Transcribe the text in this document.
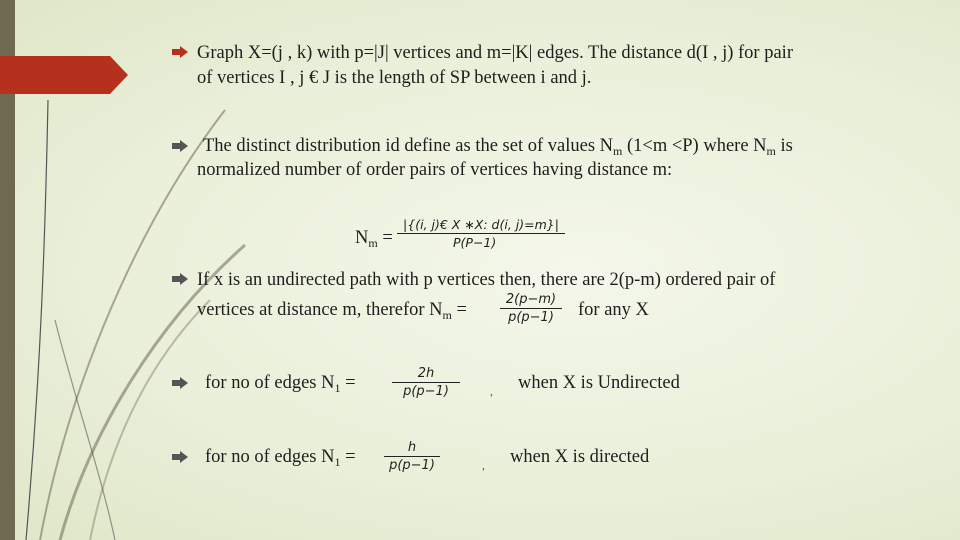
Graph X=(j , k) with p=|J| vertices and m=|K| edges. The distance d(I , j) for pair
of vertices I , j € J is the length of SP between i and j.
The distinct distribution id define as the set of values $N_m$ (1<m <P) where $N_m$ is
normalized number of order pairs of vertices having distance m:
$N_m$ =
|{(i, j)€ X ∗X: d(i, j)=m}|
P(P−1)
If x is an undirected path with p vertices then, there are 2(p-m) ordered pair of
vertices at distance m, therefor $N_m$ =
2(p−m)
p(p−1)	for any X
for no of edges $N_1$ =	2h
p(p−1)	, when X is Undirected
for no of edges $N_1$ =	h
p(p−1)	, when X is directed
